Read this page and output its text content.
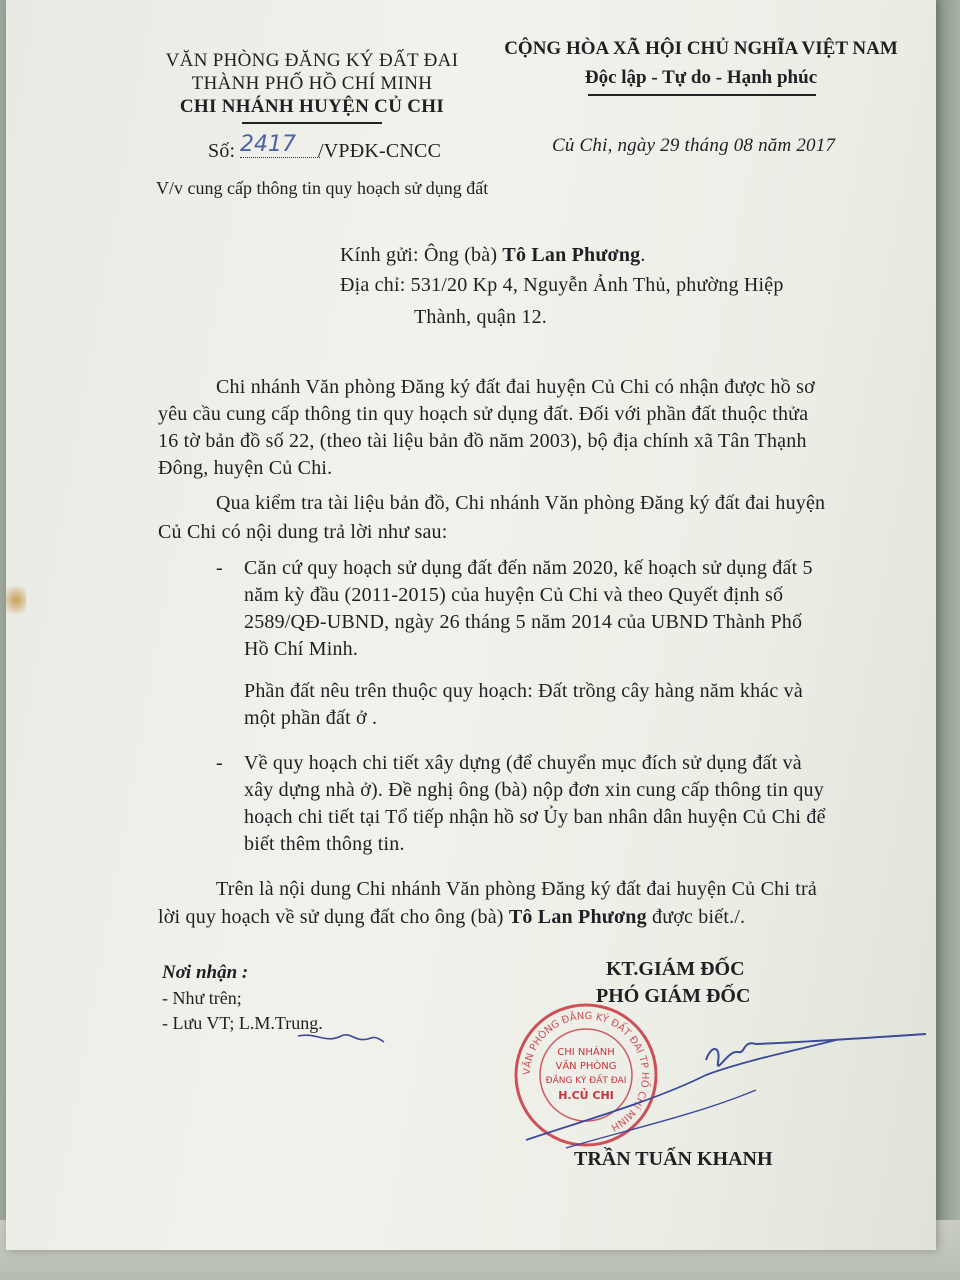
VĂN PHÒNG ĐĂNG KÝ ĐẤT ĐAI
THÀNH PHỐ HỒ CHÍ MINH
CHI NHÁNH HUYỆN CỦ CHI
CỘNG HÒA XÃ HỘI CHỦ NGHĨA VIỆT NAM
Độc lập - Tự do - Hạnh phúc
Số: 2417 /VPĐK-CNCC	Củ Chi, ngày 29 tháng 08 năm 2017
V/v cung cấp thông tin quy hoạch sử dụng đất
Kính gửi: Ông (bà) Tô Lan Phương.
Địa chỉ: 531/20 Kp 4, Nguyễn Ảnh Thủ, phường Hiệp
Thành, quận 12.
Chi nhánh Văn phòng Đăng ký đất đai huyện Củ Chi có nhận được hồ sơ
yêu cầu cung cấp thông tin quy hoạch sử dụng đất. Đối với phần đất thuộc thửa
16 tờ bản đồ số 22, (theo tài liệu bản đồ năm 2003), bộ địa chính xã Tân Thạnh
Đông, huyện Củ Chi.
Qua kiểm tra tài liệu bản đồ, Chi nhánh Văn phòng Đăng ký đất đai huyện
Củ Chi có nội dung trả lời như sau:
- Căn cứ quy hoạch sử dụng đất đến năm 2020, kế hoạch sử dụng đất 5
năm kỳ đầu (2011-2015) của huyện Củ Chi và theo Quyết định số
2589/QĐ-UBND, ngày 26 tháng 5 năm 2014 của UBND Thành Phố
Hồ Chí Minh.
Phần đất nêu trên thuộc quy hoạch: Đất trồng cây hàng năm khác và
một phần đất ở .
- Về quy hoạch chi tiết xây dựng (để chuyển mục đích sử dụng đất và
xây dựng nhà ở). Đề nghị ông (bà) nộp đơn xin cung cấp thông tin quy
hoạch chi tiết tại Tổ tiếp nhận hồ sơ Ủy ban nhân dân huyện Củ Chi để
biết thêm thông tin.
Trên là nội dung Chi nhánh Văn phòng Đăng ký đất đai huyện Củ Chi trả
lời quy hoạch về sử dụng đất cho ông (bà) Tô Lan Phương được biết./.
Nơi nhận :
- Như trên;
- Lưu VT; L.M.Trung.
KT.GIÁM ĐỐC
PHÓ GIÁM ĐỐC
TRẦN TUẤN KHANH
VĂN PHÒNG ĐĂNG KÝ ĐẤT ĐAI TP HỒ CHÍ MINH
CHI NHÁNH
VĂN PHÒNG
ĐĂNG KÝ ĐẤT ĐAI
H.CỦ CHI
